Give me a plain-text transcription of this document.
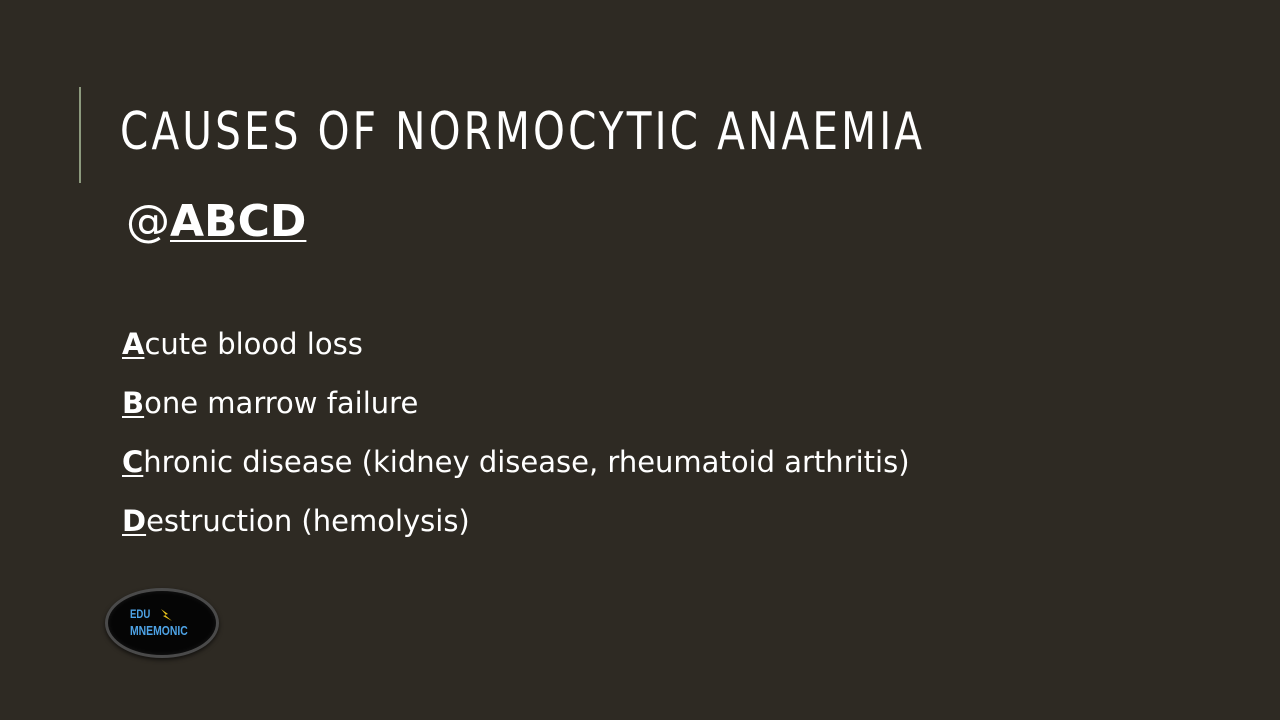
CAUSES OF NORMOCYTIC ANAEMIA
@ABCD
Acute blood loss
Bone marrow failure
Chronic disease (kidney disease, rheumatoid arthritis)
Destruction (hemolysis)
EDU
MNEMONIC
